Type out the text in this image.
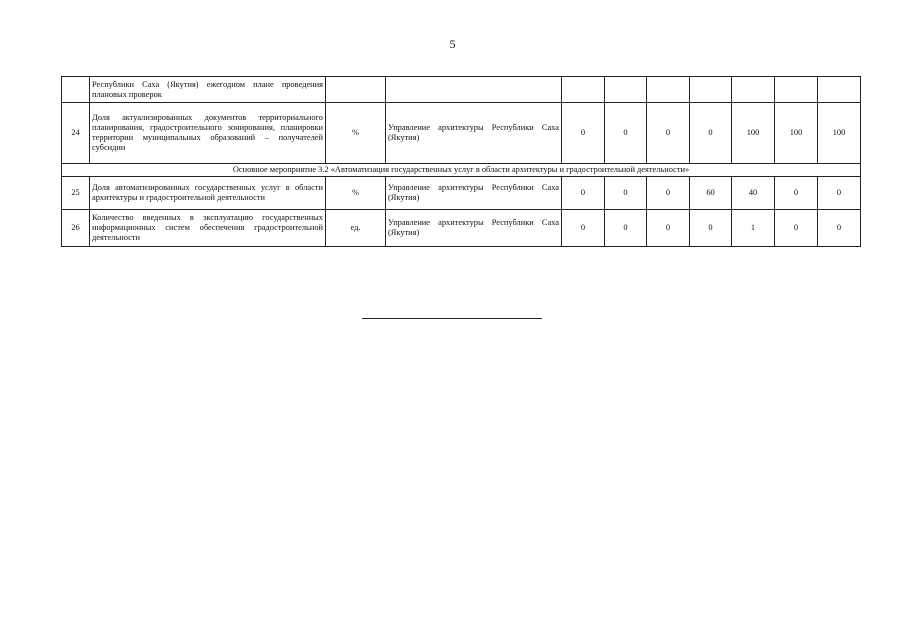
5
	Республики Саха (Якутия) ежегодном плане проведения плановых проверок									
24	Доля актуализированных документов территориального планирования, градостроительного зонирования, планировки территории муниципальных образований – получателей субсидии	%	Управление архитектуры Республики Саха (Якутия)	0	0	0	0	100	100	100
Основное мероприятие 3.2 «Автоматизация государственных услуг в области архитектуры и градостроительной деятельности»										
25	Доля автоматизированных государственных услуг в области архитектуры и градостроительной деятельности	%	Управление архитектуры Республики Саха (Якутия)	0	0	0	60	40	0	0
26	Количество введенных в эксплуатацию государственных информационных систем обеспечения градостроительной деятельности	ед.	Управление архитектуры Республики Саха (Якутия)	0	0	0	0	1	0	0
